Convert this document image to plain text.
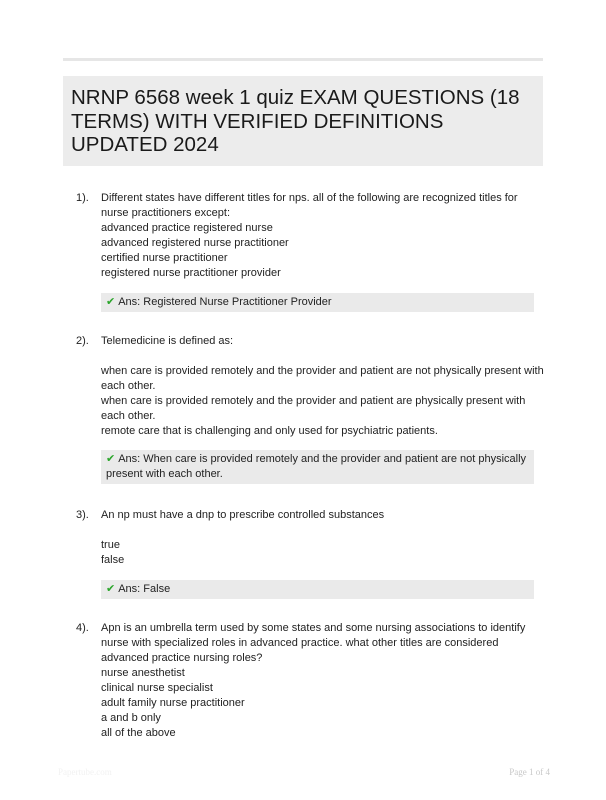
NRNP 6568 week 1 quiz EXAM QUESTIONS (18 TERMS) WITH VERIFIED DEFINITIONS UPDATED 2024
1). Different states have different titles for nps. all of the following are recognized titles for
nurse practitioners except:
advanced practice registered nurse
advanced registered nurse practitioner
certified nurse practitioner
registered nurse practitioner provider
✔ Ans: Registered Nurse Practitioner Provider
2). Telemedicine is defined as:
when care is provided remotely and the provider and patient are not physically present with
each other.
when care is provided remotely and the provider and patient are physically present with
each other.
remote care that is challenging and only used for psychiatric patients.
✔ Ans: When care is provided remotely and the provider and patient are not physically present with each other.
3). An np must have a dnp to prescribe controlled substances
true
false
✔ Ans: False
4). Apn is an umbrella term used by some states and some nursing associations to identify
nurse with specialized roles in advanced practice. what other titles are considered
advanced practice nursing roles?
nurse anesthetist
clinical nurse specialist
adult family nurse practitioner
a and b only
all of the above
Papertube.com	Page 1 of 4
